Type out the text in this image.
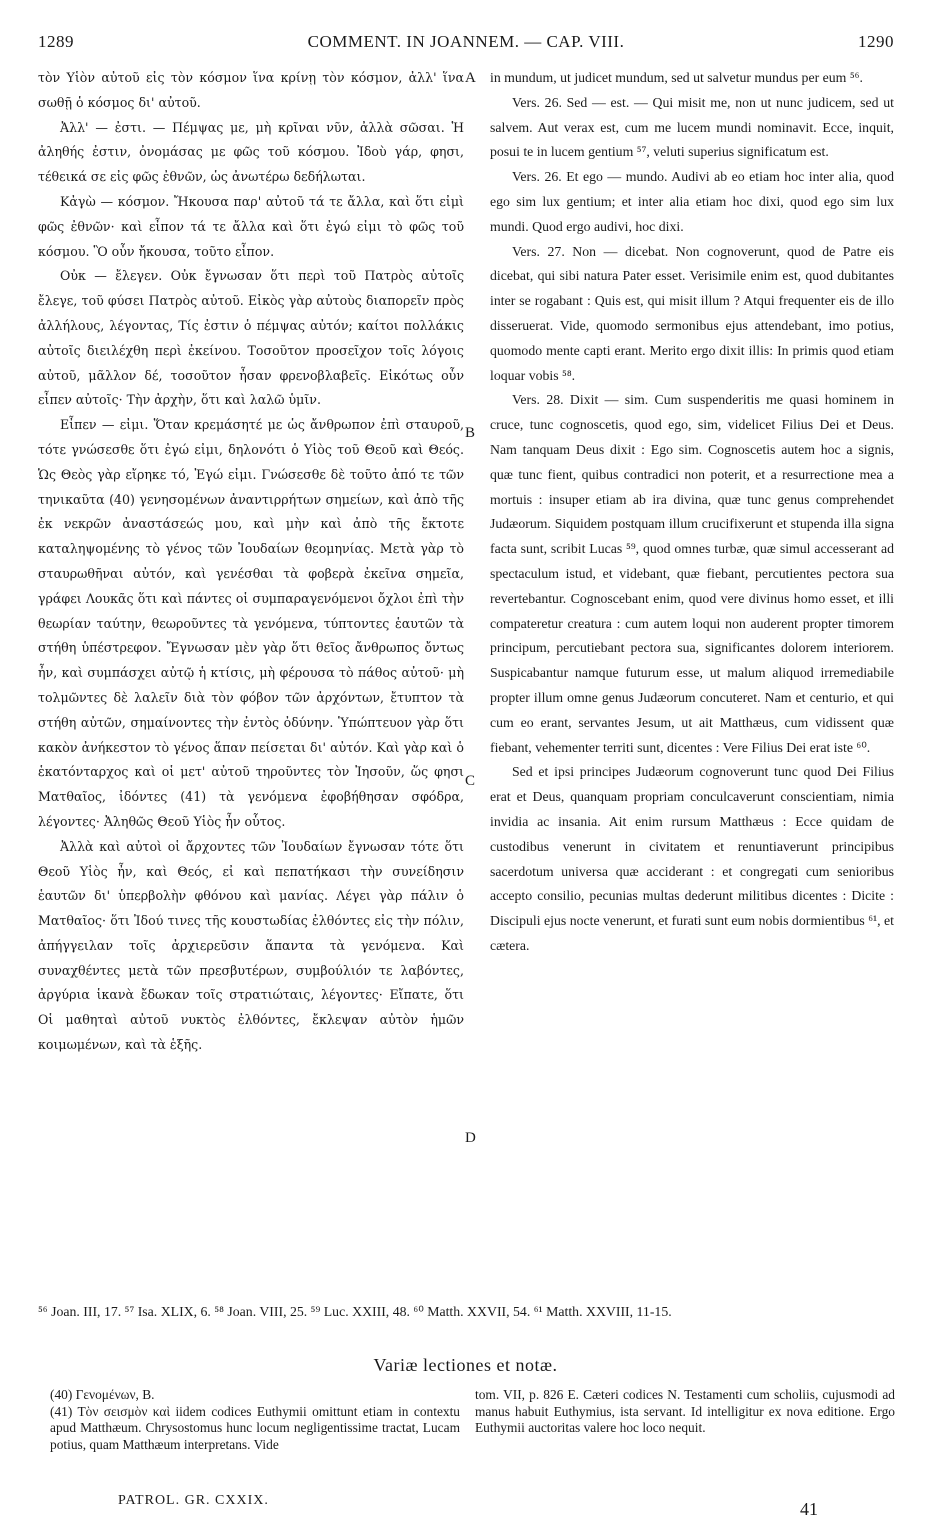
1289	COMMENT. IN JOANNEM. — CAP. VIII.	1290

τὸν Υἱὸν αὐτοῦ εἰς τὸν κόσμον ἵνα κρίνῃ τὸν κόσμον, ἀλλ' ἵνα σωθῇ ὁ κόσμος δι' αὐτοῦ.

Ἀλλ' — ἐστι. — Πέμψας με, μὴ κρῖναι νῦν, ἀλλὰ σῶσαι. Ἡ ἀληθής ἐστιν, ὀνομάσας με φῶς τοῦ κόσμου. Ἰδοὺ γάρ, φησι, τέθεικά σε εἰς φῶς ἐθνῶν, ὡς ἀνωτέρω δεδήλωται.

Κἀγὼ — κόσμον. Ἤκουσα παρ' αὐτοῦ τά τε ἄλλα, καὶ ὅτι εἰμὶ φῶς ἐθνῶν· καὶ εἶπον τά τε ἄλλα καὶ ὅτι ἐγώ εἰμι τὸ φῶς τοῦ κόσμου. Ὃ οὖν ἤκουσα, τοῦτο εἶπον.

Οὐκ — ἔλεγεν. Οὐκ ἔγνωσαν ὅτι περὶ τοῦ Πατρὸς αὐτοῖς ἔλεγε, τοῦ φύσει Πατρὸς αὐτοῦ. Εἰκὸς γὰρ αὐτοὺς διαπορεῖν πρὸς ἀλλήλους, λέγοντας, Τίς ἐστιν ὁ πέμψας αὐτόν; καίτοι πολλάκις αὐτοῖς διειλέχθη περὶ ἐκείνου. Τοσοῦτον προσεῖχον τοῖς λόγοις αὐτοῦ, μᾶλλον δέ, τοσοῦτον ἦσαν φρενοβλαβεῖς. Εἰκότως οὖν εἶπεν αὐτοῖς· Τὴν ἀρχὴν, ὅτι καὶ λαλῶ ὑμῖν.

Εἶπεν — εἰμι. Ὅταν κρεμάσητέ με ὡς ἄνθρωπον ἐπὶ σταυροῦ, τότε γνώσεσθε ὅτι ἐγώ εἰμι, δηλονότι ὁ Υἱὸς τοῦ Θεοῦ καὶ Θεός. Ὡς Θεὸς γὰρ εἴρηκε τό, Ἐγώ εἰμι. Γνώσεσθε δὲ τοῦτο ἀπό τε τῶν τηνικαῦτα (40) γενησομένων ἀναντιρρήτων σημείων, καὶ ἀπὸ τῆς ἐκ νεκρῶν ἀναστάσεώς μου, καὶ μὴν καὶ ἀπὸ τῆς ἔκτοτε καταληψομένης τὸ γένος τῶν Ἰουδαίων θεομηνίας. Μετὰ γὰρ τὸ σταυρωθῆναι αὐτόν, καὶ γενέσθαι τὰ φοβερὰ ἐκεῖνα σημεῖα, γράφει Λουκᾶς ὅτι καὶ πάντες οἱ συμπαραγενόμενοι ὄχλοι ἐπὶ τὴν θεωρίαν ταύτην, θεωροῦντες τὰ γενόμενα, τύπτοντες ἑαυτῶν τὰ στήθη ὑπέστρεφον. Ἔγνωσαν μὲν γὰρ ὅτι θεῖος ἄνθρωπος ὄντως ἦν, καὶ συμπάσχει αὐτῷ ἡ κτίσις, μὴ φέρουσα τὸ πάθος αὐτοῦ· μὴ τολμῶντες δὲ λαλεῖν διὰ τὸν φόβον τῶν ἀρχόντων, ἔτυπτον τὰ στήθη αὐτῶν, σημαίνοντες τὴν ἐντὸς ὀδύνην. Ὑπώπτευον γὰρ ὅτι κακὸν ἀνήκεστον τὸ γένος ἅπαν πείσεται δι' αὐτόν. Καὶ γὰρ καὶ ὁ ἑκατόνταρχος καὶ οἱ μετ' αὐτοῦ τηροῦντες τὸν Ἰησοῦν, ὥς φησι Ματθαῖος, ἰδόντες (41) τὰ γενόμενα ἐφοβήθησαν σφόδρα, λέγοντες· Ἀληθῶς Θεοῦ Υἱὸς ἦν οὗτος.

Ἀλλὰ καὶ αὐτοὶ οἱ ἄρχοντες τῶν Ἰουδαίων ἔγνωσαν τότε ὅτι Θεοῦ Υἱὸς ἦν, καὶ Θεός, εἰ καὶ πεπατήκασι τὴν συνείδησιν ἑαυτῶν δι' ὑπερβολὴν φθόνου καὶ μανίας. Λέγει γὰρ πάλιν ὁ Ματθαῖος· ὅτι Ἰδού τινες τῆς κουστωδίας ἐλθόντες εἰς τὴν πόλιν, ἀπήγγειλαν τοῖς ἀρχιερεῦσιν ἅπαντα τὰ γενόμενα. Καὶ συναχθέντες μετὰ τῶν πρεσβυτέρων, συμβούλιόν τε λαβόντες, ἀργύρια ἱκανὰ ἔδωκαν τοῖς στρατιώταις, λέγοντες· Εἴπατε, ὅτι Οἱ μαθηταὶ αὐτοῦ νυκτὸς ἐλθόντες, ἔκλεψαν αὐτὸν ἡμῶν κοιμωμένων, καὶ τὰ ἑξῆς.

A
B
C
D

in mundum, ut judicet mundum, sed ut salvetur mundus per eum ⁵⁶.

Vers. 26. Sed — est. — Qui misit me, non ut nunc judicem, sed ut salvem. Aut verax est, cum me lucem mundi nominavit. Ecce, inquit, posui te in lucem gentium ⁵⁷, veluti superius significatum est.

Vers. 26. Et ego — mundo. Audivi ab eo etiam hoc inter alia, quod ego sim lux gentium; et inter alia etiam hoc dixi, quod ego sim lux mundi. Quod ergo audivi, hoc dixi.

Vers. 27. Non — dicebat. Non cognoverunt, quod de Patre eis dicebat, qui sibi natura Pater esset. Verisimile enim est, quod dubitantes inter se rogabant : Quis est, qui misit illum ? Atqui frequenter eis de illo disseruerat. Vide, quomodo sermonibus ejus attendebant, imo potius, quomodo mente capti erant. Merito ergo dixit illis: In primis quod etiam loquar vobis ⁵⁸.

Vers. 28. Dixit — sim. Cum suspenderitis me quasi hominem in cruce, tunc cognoscetis, quod ego, sim, videlicet Filius Dei et Deus. Nam tanquam Deus dixit : Ego sim. Cognoscetis autem hoc a signis, quæ tunc fient, quibus contradici non poterit, et a resurrectione mea a mortuis : insuper etiam ab ira divina, quæ tunc genus comprehendet Judæorum. Siquidem postquam illum crucifixerunt et stupenda illa signa facta sunt, scribit Lucas ⁵⁹, quod omnes turbæ, quæ simul accesserant ad spectaculum istud, et videbant, quæ fiebant, percutientes pectora sua revertebantur. Cognoscebant enim, quod vere divinus homo esset, et illi compateretur creatura : cum autem loqui non auderent propter timorem principum, percutiebant pectora sua, significantes dolorem interiorem. Suspicabantur namque futurum esse, ut malum aliquod irremediabile propter illum omne genus Judæorum concuteret. Nam et centurio, et qui cum eo erant, servantes Jesum, ut ait Matthæus, cum vidissent quæ fiebant, vehementer territi sunt, dicentes : Vere Filius Dei erat iste ⁶⁰.

Sed et ipsi principes Judæorum cognoverunt tunc quod Dei Filius erat et Deus, quanquam propriam conculcaverunt conscientiam, nimia invidia ac insania. Ait enim rursum Matthæus : Ecce quidam de custodibus venerunt in civitatem et renuntiaverunt principibus sacerdotum universa quæ acciderant : et congregati cum senioribus accepto consilio, pecunias multas dederunt militibus dicentes : Dicite : Discipuli ejus nocte venerunt, et furati sunt eum nobis dormientibus ⁶¹, et cætera.

⁵⁶ Joan. III, 17. ⁵⁷ Isa. XLIX, 6. ⁵⁸ Joan. VIII, 25. ⁵⁹ Luc. XXIII, 48. ⁶⁰ Matth. XXVII, 54. ⁶¹ Matth. XXVIII, 11-15.
Variæ lectiones et notæ.

(40) Γενομένων, B.

(41) Τὸν σεισμὸν καὶ iidem codices Euthymii omittunt etiam in contextu apud Matthæum. Chrysostomus hunc locum negligentissime tractat, Lucam potius, quam Matthæum interpretans. Vide

tom. VII, p. 826 E. Cæteri codices N. Testamenti cum scholiis, cujusmodi ad manus habuit Euthymius, ista servant. Id intelligitur ex nova editione. Ergo Euthymii auctoritas valere hoc loco nequit.

PATROL. GR. CXXIX.	41
